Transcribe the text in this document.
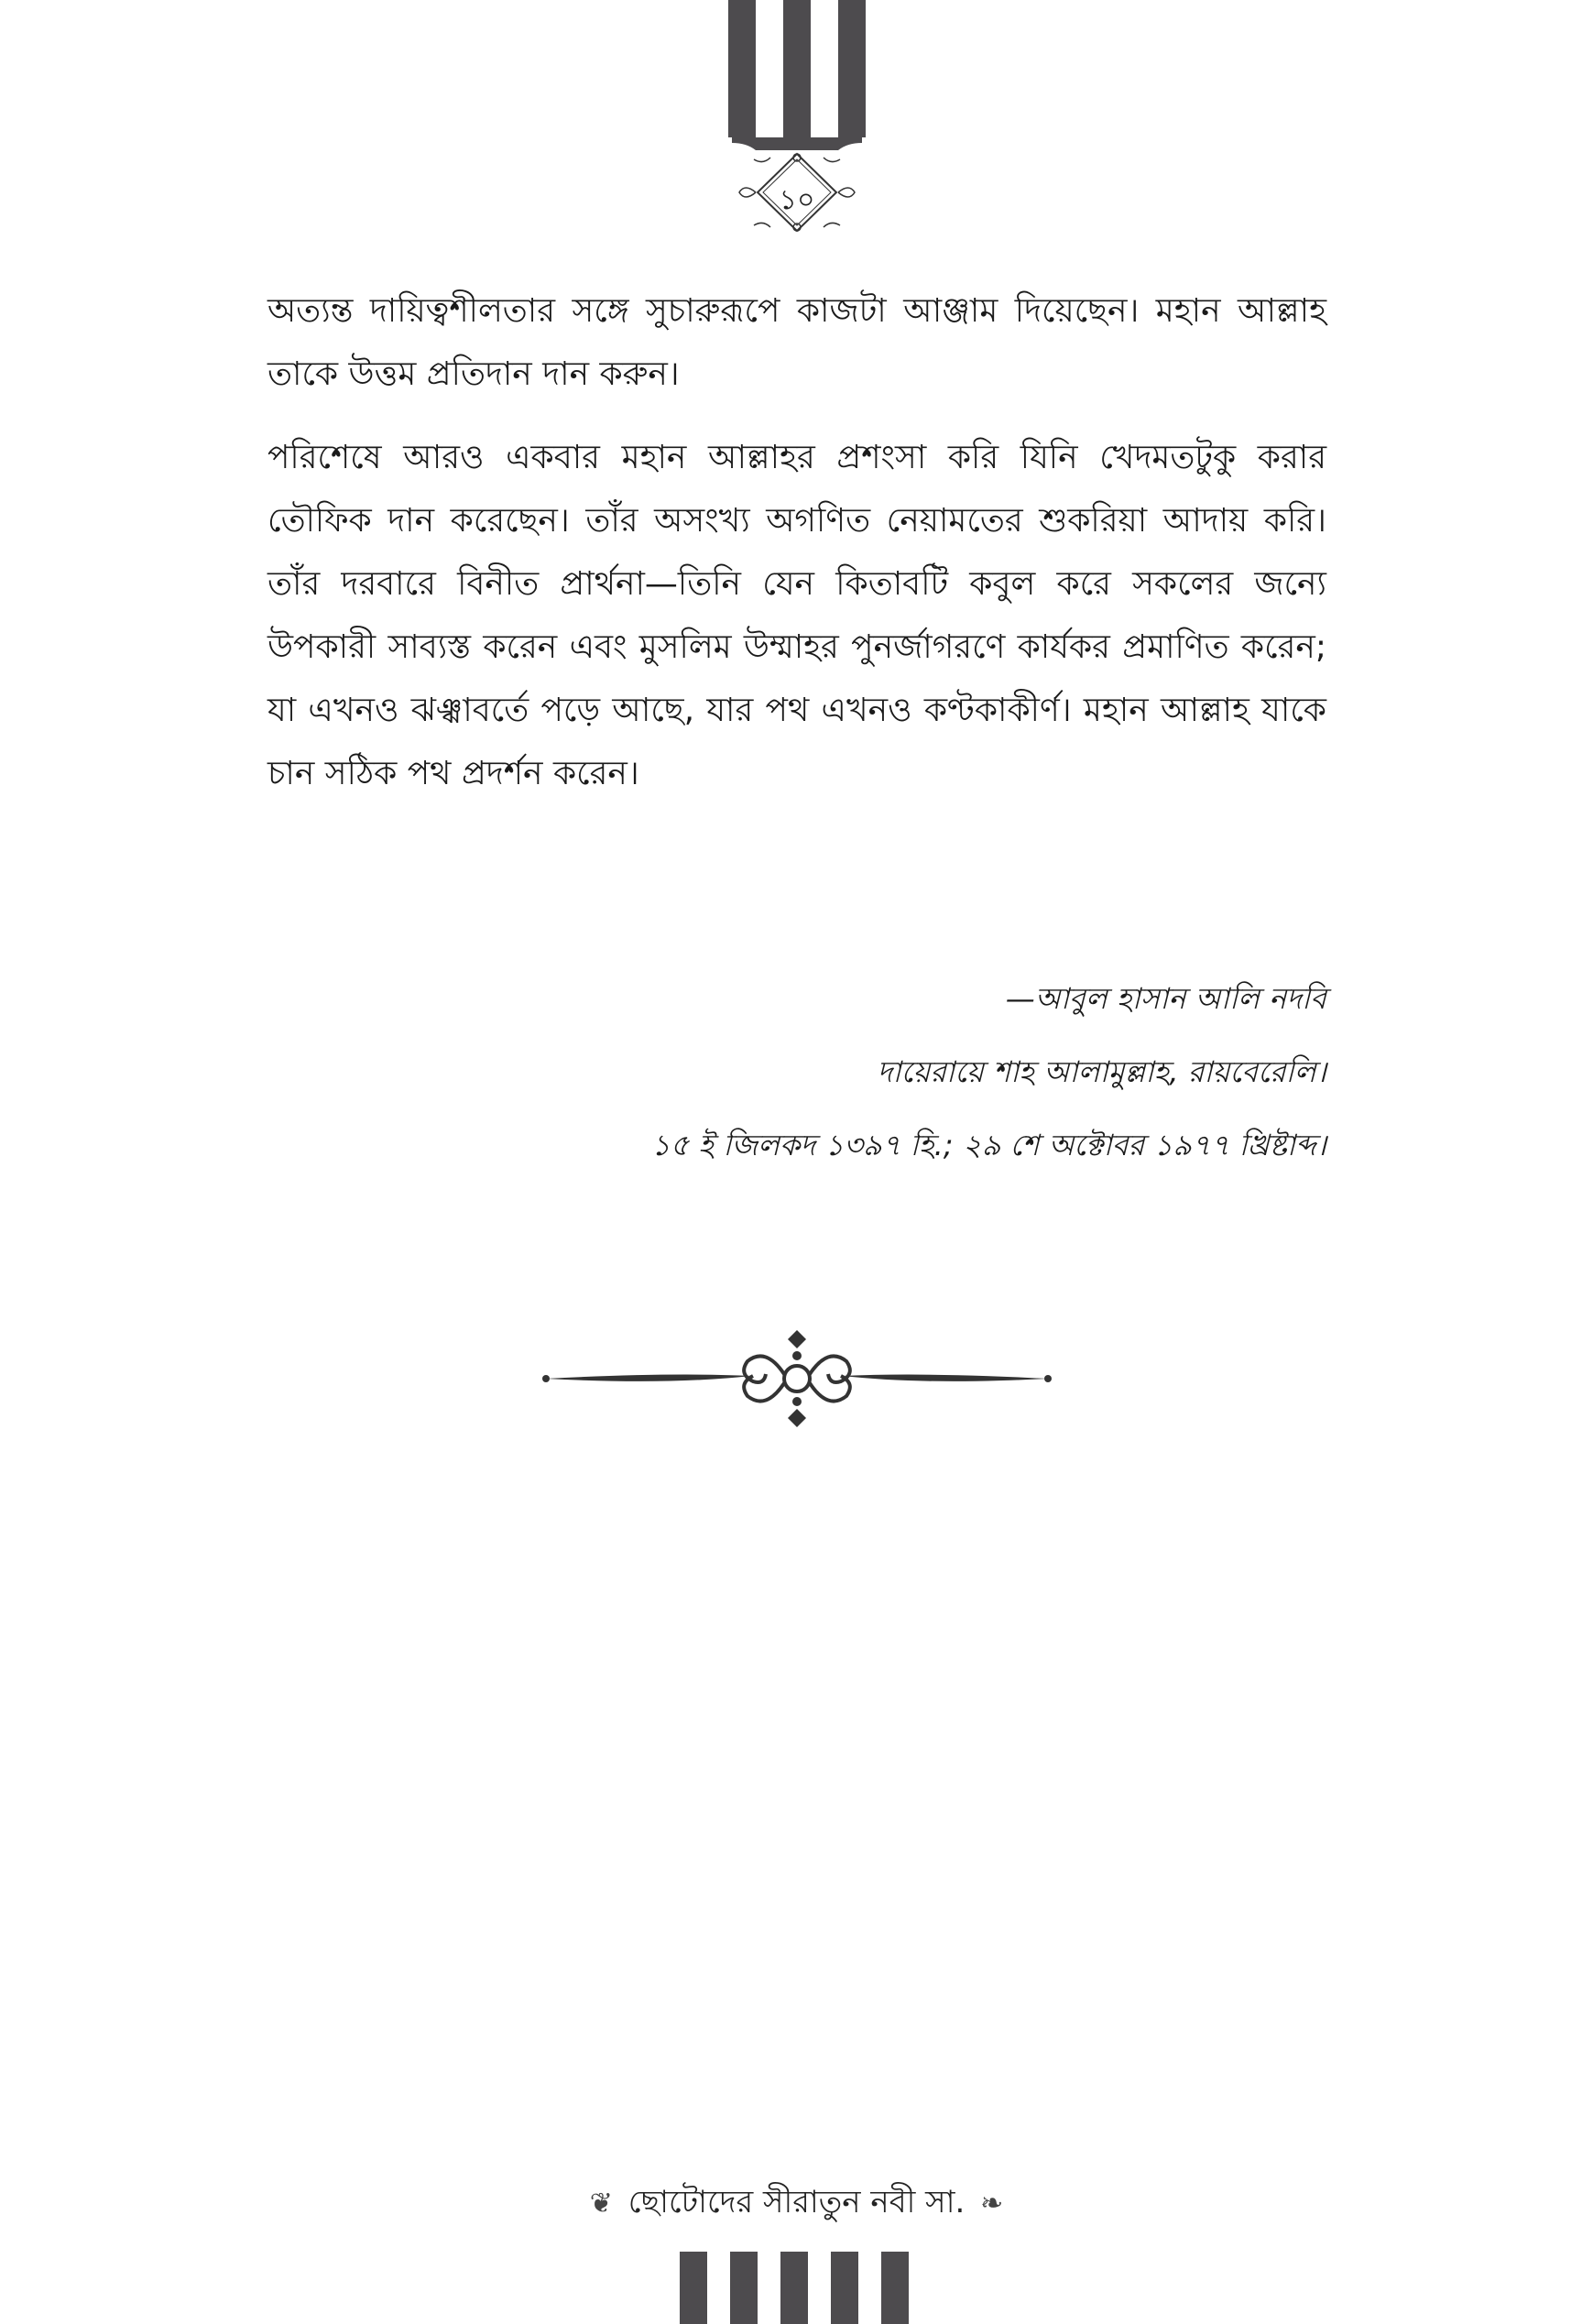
১০

অত্যন্ত দায়িত্বশীলতার সঙ্গে সুচারুরূপে কাজটা আঞ্জাম দিয়েছেন। মহান আল্লাহ তাকে উত্তম প্রতিদান দান করুন।

পরিশেষে আরও একবার মহান আল্লাহর প্রশংসা করি যিনি খেদমতটুকু করার তৌফিক দান করেছেন। তাঁর অসংখ্য অগণিত নেয়ামতের শুকরিয়া আদায় করি। তাঁর দরবারে বিনীত প্রার্থনা—তিনি যেন কিতাবটি কবুল করে সকলের জন্যে উপকারী সাব্যস্ত করেন এবং মুসলিম উম্মাহর পুনর্জাগরণে কার্যকর প্রমাণিত করেন; যা এখনও ঝঞ্ঝাবর্তে পড়ে আছে, যার পথ এখনও কণ্টকাকীর্ণ। মহান আল্লাহ যাকে চান সঠিক পথ প্রদর্শন করেন।

—আবুল হাসান আলি নদবি
দায়েরায়ে শাহ আলামুল্লাহ, রায়বেরেলি।
১৫ ই জিলকদ ১৩৯৭ হি.; ২৯ শে অক্টোবর ১৯৭৭ খ্রিষ্টাব্দ।
❦ ছোটোদের সীরাতুন নবী সা. ❧
